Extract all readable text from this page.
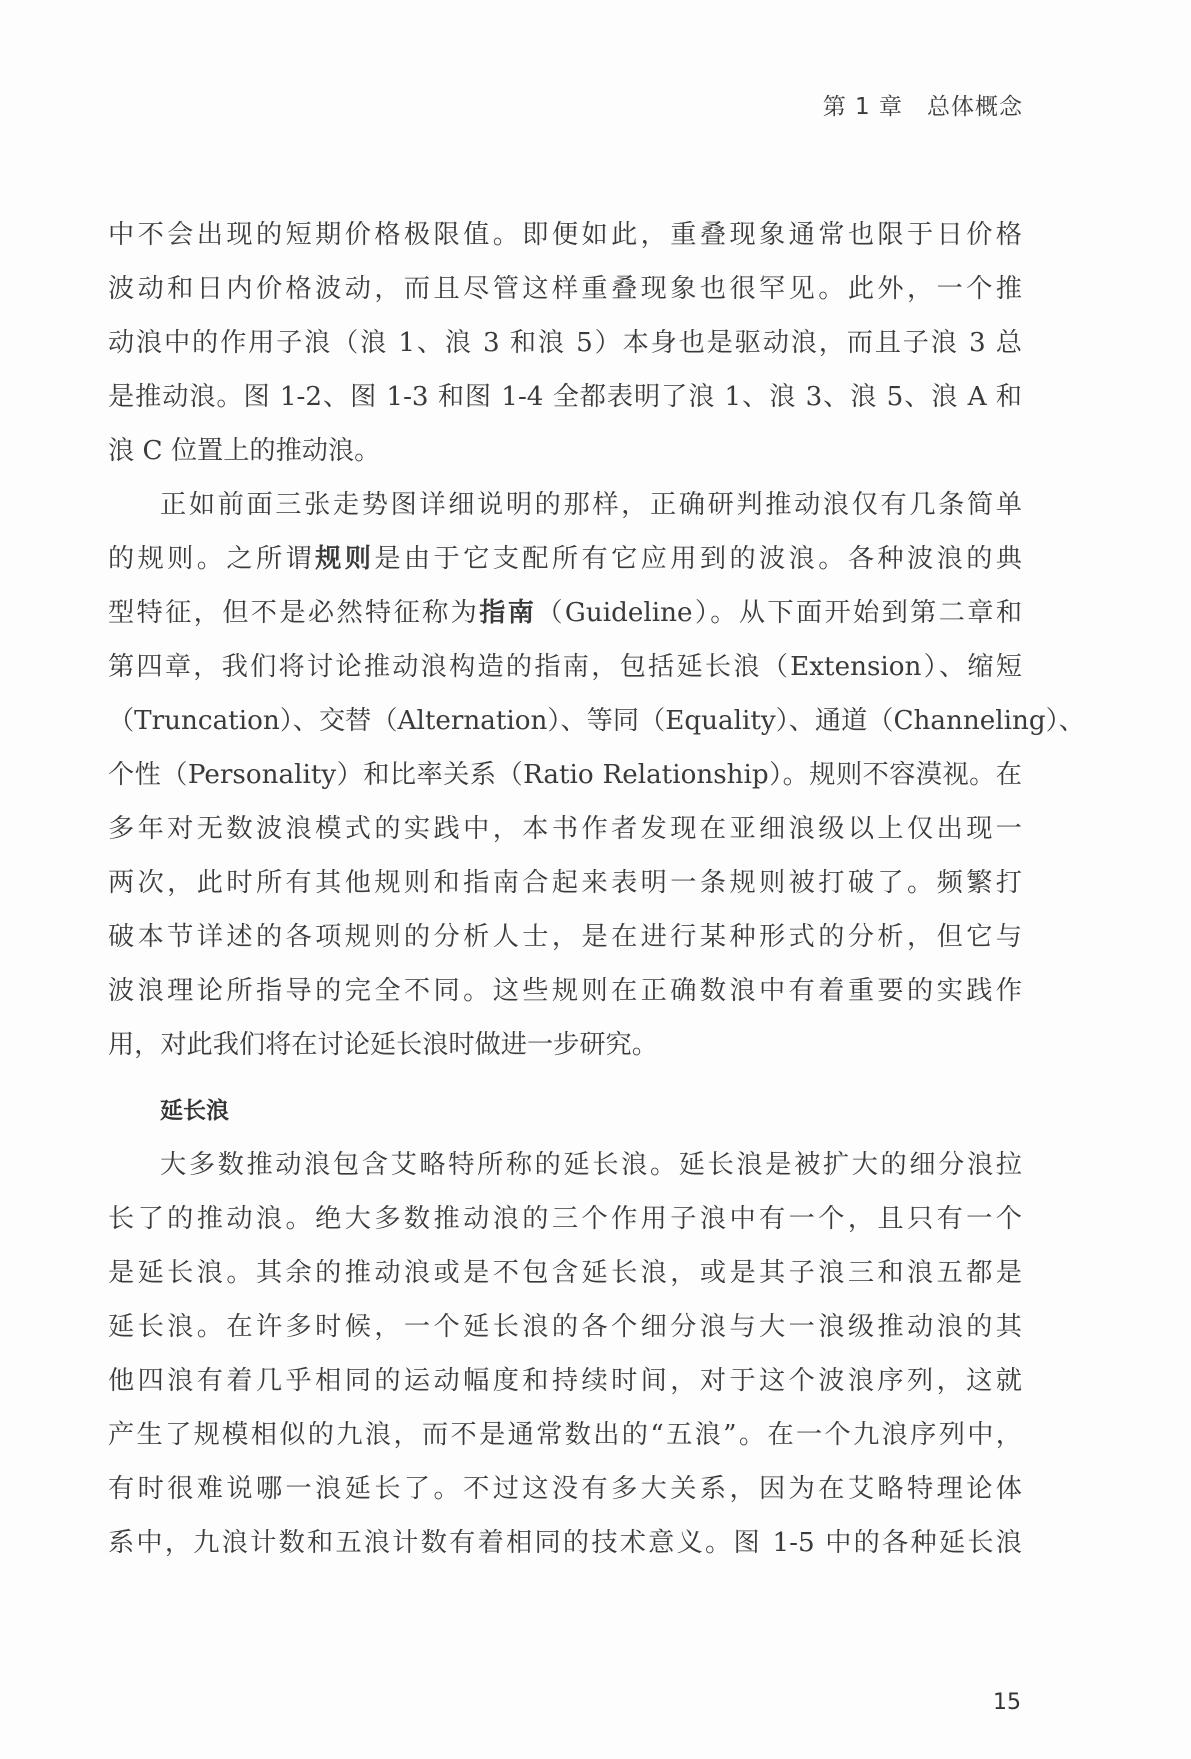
第 1 章　总体概念
中不会出现的短期价格极限值。即便如此，重叠现象通常也限于日价格
波动和日内价格波动，而且尽管这样重叠现象也很罕见。此外，一个推
动浪中的作用子浪（浪 1、浪 3 和浪 5）本身也是驱动浪，而且子浪 3 总
是推动浪。图 1-2、图 1-3 和图 1-4 全都表明了浪 1、浪 3、浪 5、浪 A 和
浪 C 位置上的推动浪。
正如前面三张走势图详细说明的那样，正确研判推动浪仅有几条简单
的规则。之所谓规则是由于它支配所有它应用到的波浪。各种波浪的典
型特征，但不是必然特征称为指南（Guideline）。从下面开始到第二章和
第四章，我们将讨论推动浪构造的指南，包括延长浪（Extension）、缩短
（Truncation）、交替（Alternation）、等同（Equality）、通道（Channeling）、
个性（Personality）和比率关系（Ratio Relationship）。规则不容漠视。在
多年对无数波浪模式的实践中，本书作者发现在亚细浪级以上仅出现一
两次，此时所有其他规则和指南合起来表明一条规则被打破了。频繁打
破本节详述的各项规则的分析人士，是在进行某种形式的分析，但它与
波浪理论所指导的完全不同。这些规则在正确数浪中有着重要的实践作
用，对此我们将在讨论延长浪时做进一步研究。
延长浪
大多数推动浪包含艾略特所称的延长浪。延长浪是被扩大的细分浪拉
长了的推动浪。绝大多数推动浪的三个作用子浪中有一个，且只有一个
是延长浪。其余的推动浪或是不包含延长浪，或是其子浪三和浪五都是
延长浪。在许多时候，一个延长浪的各个细分浪与大一浪级推动浪的其
他四浪有着几乎相同的运动幅度和持续时间，对于这个波浪序列，这就
产生了规模相似的九浪，而不是通常数出的“五浪”。在一个九浪序列中，
有时很难说哪一浪延长了。不过这没有多大关系，因为在艾略特理论体
系中，九浪计数和五浪计数有着相同的技术意义。图 1-5 中的各种延长浪
15
